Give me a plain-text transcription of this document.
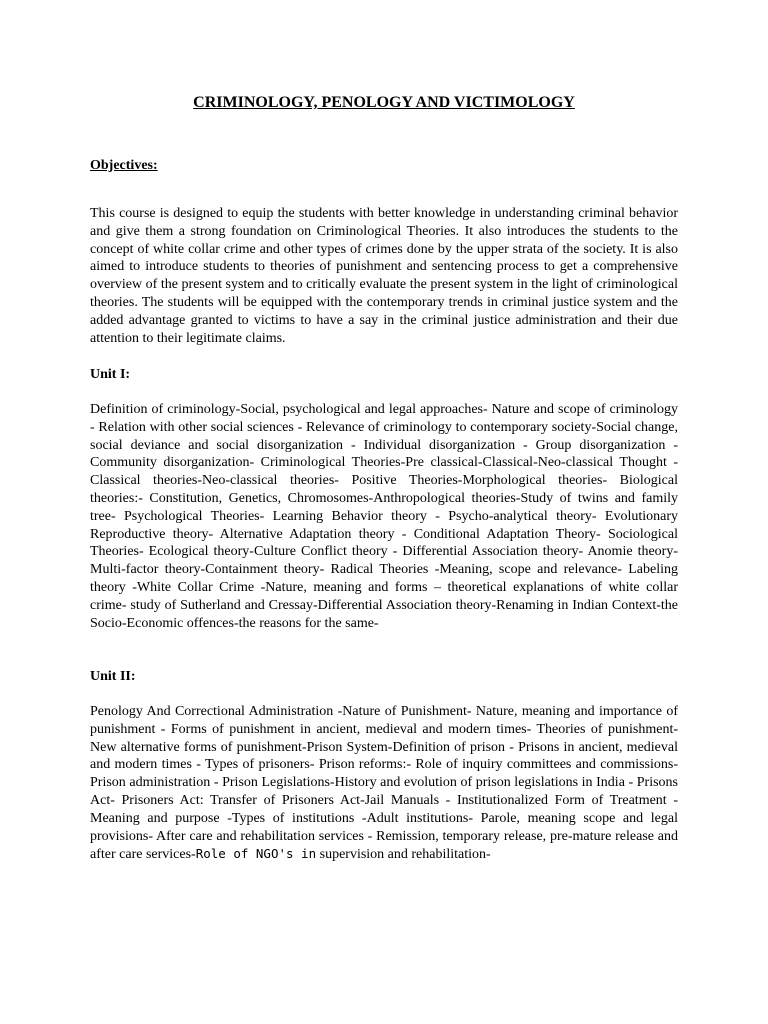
CRIMINOLOGY, PENOLOGY AND VICTIMOLOGY
Objectives:

This course is designed to equip the students with better knowledge in understanding criminal behavior and give them a strong foundation on Criminological Theories. It also introduces the students to the concept of white collar crime and other types of crimes done by the upper strata of the society. It is also aimed to introduce students to theories of punishment and sentencing process to get a comprehensive overview of the present system and to critically evaluate the present system in the light of criminological theories. The students will be equipped with the contemporary trends in criminal justice system and the added advantage granted to victims to have a say in the criminal justice administration and their due attention to their legitimate claims.

Unit I:

Definition of criminology-Social, psychological and legal approaches- Nature and scope of criminology - Relation with other social sciences - Relevance of criminology to contemporary society-Social change, social deviance and social disorganization - Individual disorganization - Group disorganization - Community disorganization- Criminological Theories-Pre classical-Classical-Neo-classical Thought - Classical theories-Neo-classical theories- Positive Theories-Morphological theories- Biological theories:- Constitution, Genetics, Chromosomes-Anthropological theories-Study of twins and family tree- Psychological Theories- Learning Behavior theory - Psycho-analytical theory- Evolutionary Reproductive theory- Alternative Adaptation theory - Conditional Adaptation Theory- Sociological Theories- Ecological theory-Culture Conflict theory - Differential Association theory- Anomie theory- Multi-factor theory-Containment theory- Radical Theories -Meaning, scope and relevance- Labeling theory -White Collar Crime -Nature, meaning and forms – theoretical explanations of white collar crime- study of Sutherland and Cressay-Differential Association theory-Renaming in Indian Context-the Socio-Economic offences-the reasons for the same-

Unit II:

Penology And Correctional Administration -Nature of Punishment- Nature, meaning and importance of punishment - Forms of punishment in ancient, medieval and modern times- Theories of punishment- New alternative forms of punishment-Prison System-Definition of prison - Prisons in ancient, medieval and modern times - Types of prisoners- Prison reforms:- Role of inquiry committees and commissions- Prison administration - Prison Legislations-History and evolution of prison legislations in India - Prisons Act- Prisoners Act: Transfer of Prisoners Act-Jail Manuals - Institutionalized Form of Treatment - Meaning and purpose -Types of institutions -Adult institutions- Parole, meaning scope and legal provisions- After care and rehabilitation services - Remission, temporary release, pre-mature release and after care services-Role of NGO's in supervision and rehabilitation-
